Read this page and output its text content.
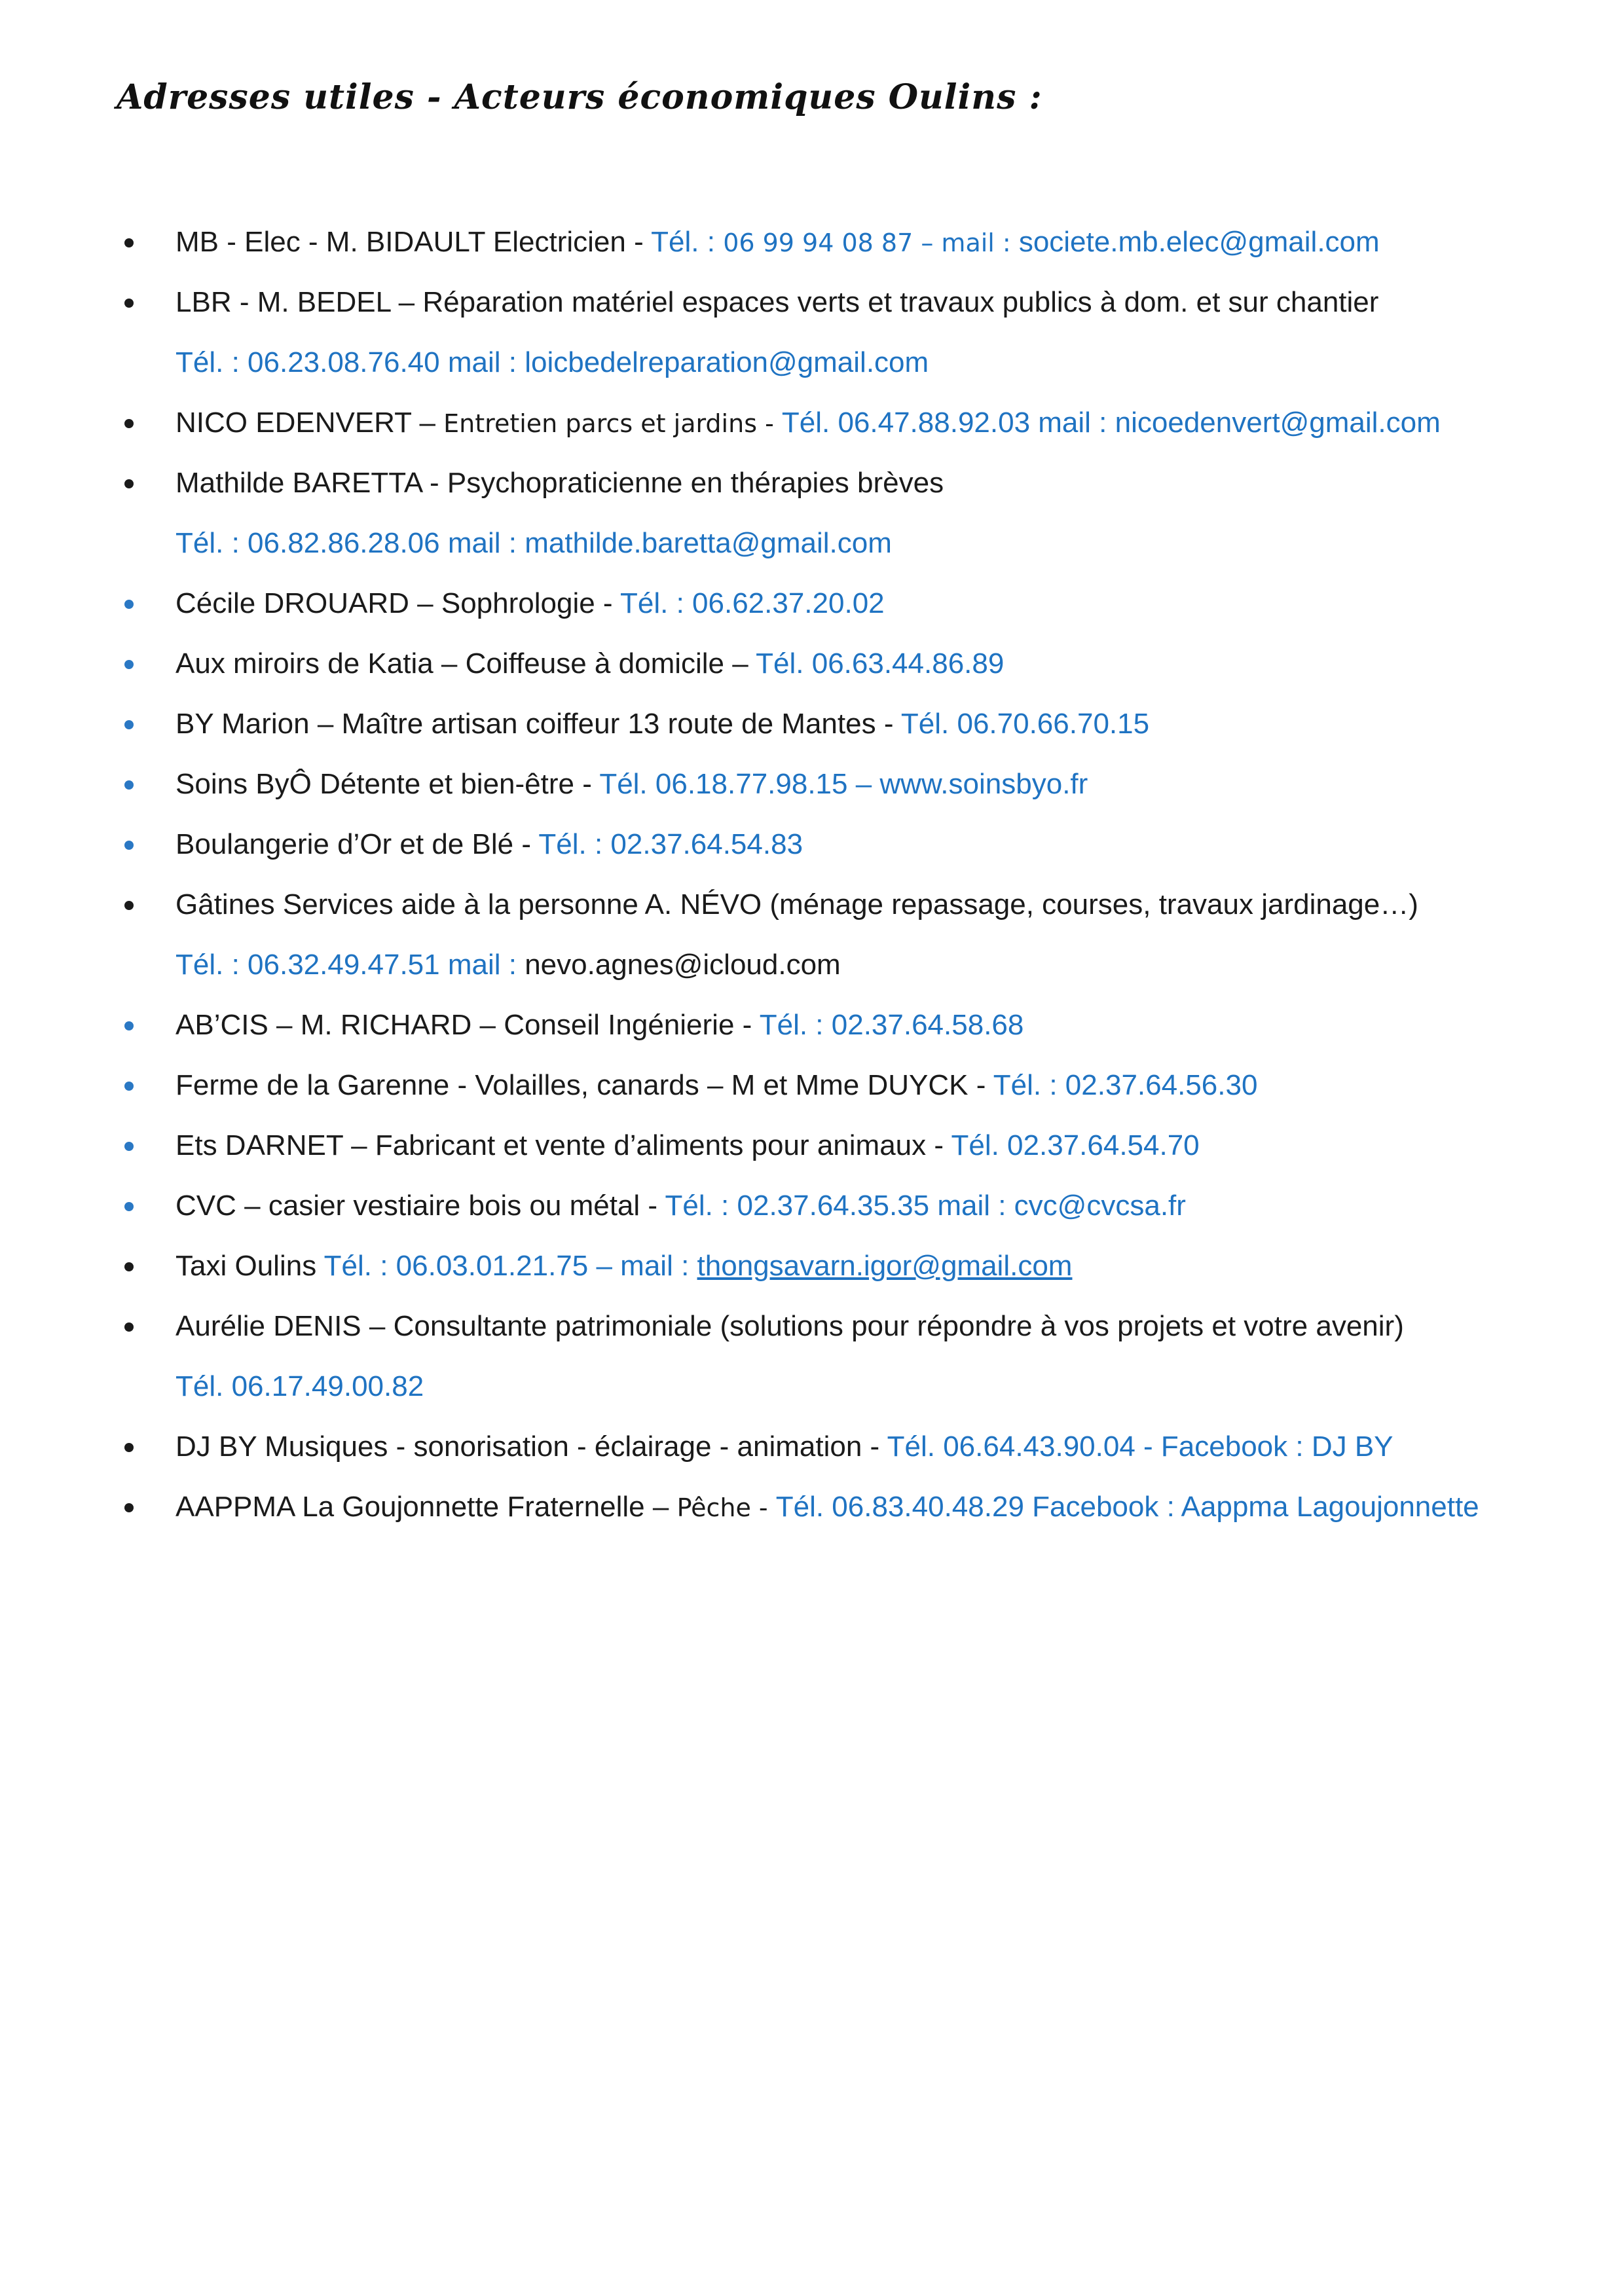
Adresses utiles - Acteurs économiques Oulins :
MB - Elec - M. BIDAULT Electricien - Tél. : 06 99 94 08 87 – mail : societe.mb.elec@gmail.com
LBR - M. BEDEL – Réparation matériel espaces verts et travaux publics à dom. et sur chantier
Tél. : 06.23.08.76.40 mail : loicbedelreparation@gmail.com
NICO EDENVERT – Entretien parcs et jardins - Tél. 06.47.88.92.03 mail : nicoedenvert@gmail.com
Mathilde BARETTA - Psychopraticienne en thérapies brèves
Tél. : 06.82.86.28.06 mail : mathilde.baretta@gmail.com
Cécile DROUARD – Sophrologie - Tél. : 06.62.37.20.02
Aux miroirs de Katia – Coiffeuse à domicile – Tél. 06.63.44.86.89
BY Marion – Maître artisan coiffeur 13 route de Mantes - Tél. 06.70.66.70.15
Soins ByÔ Détente et bien-être - Tél. 06.18.77.98.15 – www.soinsbyo.fr
Boulangerie d’Or et de Blé - Tél. : 02.37.64.54.83
Gâtines Services aide à la personne A. NÉVO (ménage repassage, courses, travaux jardinage…)
Tél. : 06.32.49.47.51 mail : nevo.agnes@icloud.com
AB’CIS – M. RICHARD – Conseil Ingénierie - Tél. : 02.37.64.58.68
Ferme de la Garenne - Volailles, canards – M et Mme DUYCK - Tél. : 02.37.64.56.30
Ets DARNET – Fabricant et vente d’aliments pour animaux - Tél. 02.37.64.54.70
CVC – casier vestiaire bois ou métal - Tél. : 02.37.64.35.35 mail : cvc@cvcsa.fr
Taxi Oulins Tél. : 06.03.01.21.75 – mail : thongsavarn.igor@gmail.com
Aurélie DENIS – Consultante patrimoniale (solutions pour répondre à vos projets et votre avenir)
Tél. 06.17.49.00.82
DJ BY Musiques - sonorisation - éclairage - animation - Tél. 06.64.43.90.04 - Facebook : DJ BY
AAPPMA La Goujonnette Fraternelle – Pêche - Tél. 06.83.40.48.29 Facebook : Aappma Lagoujonnette
